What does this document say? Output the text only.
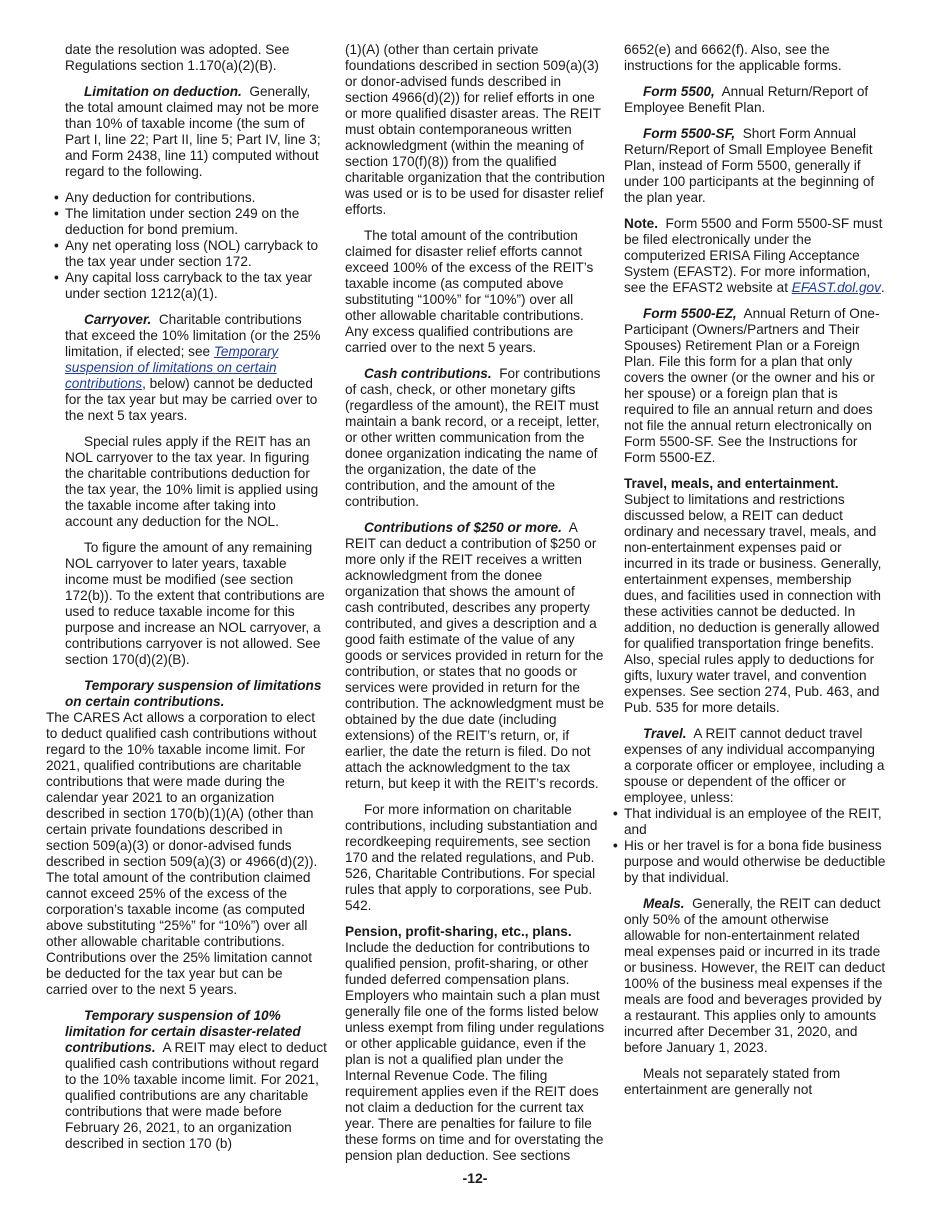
date the resolution was adopted. See Regulations section 1.170(a)(2)(B).

Limitation on deduction. Generally, the total amount claimed may not be more than 10% of taxable income (the sum of Part I, line 22; Part II, line 5; Part IV, line 3; and Form 2438, line 11) computed without regard to the following.

• Any deduction for contributions.
• The limitation under section 249 on the deduction for bond premium.
• Any net operating loss (NOL) carryback to the tax year under section 172.
• Any capital loss carryback to the tax year under section 1212(a)(1).

Carryover. Charitable contributions that exceed the 10% limitation (or the 25% limitation, if elected; see Temporary suspension of limitations on certain contributions, below) cannot be deducted for the tax year but may be carried over to the next 5 tax years.

Special rules apply if the REIT has an NOL carryover to the tax year. In figuring the charitable contributions deduction for the tax year, the 10% limit is applied using the taxable income after taking into account any deduction for the NOL.

To figure the amount of any remaining NOL carryover to later years, taxable income must be modified (see section 172(b)). To the extent that contributions are used to reduce taxable income for this purpose and increase an NOL carryover, a contributions carryover is not allowed. See section 170(d)(2)(B).

Temporary suspension of limitations on certain contributions.
The CARES Act allows a corporation to elect to deduct qualified cash contributions without regard to the 10% taxable income limit. For 2021, qualified contributions are charitable contributions that were made during the calendar year 2021 to an organization described in section 170(b)(1)(A) (other than certain private foundations described in section 509(a)(3) or donor-advised funds described in section 509(a)(3) or 4966(d)(2)). The total amount of the contribution claimed cannot exceed 25% of the excess of the corporation’s taxable income (as computed above substituting “25%” for “10%”) over all other allowable charitable contributions. Contributions over the 25% limitation cannot be deducted for the tax year but can be carried over to the next 5 years.

Temporary suspension of 10% limitation for certain disaster-related contributions. A REIT may elect to deduct qualified cash contributions without regard to the 10% taxable income limit. For 2021, qualified contributions are any charitable contributions that were made before February 26, 2021, to an organization described in section 170 (b)

(1)(A) (other than certain private foundations described in section 509(a)(3) or donor-advised funds described in section 4966(d)(2)) for relief efforts in one or more qualified disaster areas. The REIT must obtain contemporaneous written acknowledgment (within the meaning of section 170(f)(8)) from the qualified charitable organization that the contribution was used or is to be used for disaster relief efforts.

The total amount of the contribution claimed for disaster relief efforts cannot exceed 100% of the excess of the REIT’s taxable income (as computed above substituting “100%” for “10%”) over all other allowable charitable contributions. Any excess qualified contributions are carried over to the next 5 years.

Cash contributions. For contributions of cash, check, or other monetary gifts (regardless of the amount), the REIT must maintain a bank record, or a receipt, letter, or other written communication from the donee organization indicating the name of the organization, the date of the contribution, and the amount of the contribution.

Contributions of $250 or more. A REIT can deduct a contribution of $250 or more only if the REIT receives a written acknowledgment from the donee organization that shows the amount of cash contributed, describes any property contributed, and gives a description and a good faith estimate of the value of any goods or services provided in return for the contribution, or states that no goods or services were provided in return for the contribution. The acknowledgment must be obtained by the due date (including extensions) of the REIT’s return, or, if earlier, the date the return is filed. Do not attach the acknowledgment to the tax return, but keep it with the REIT’s records.

For more information on charitable contributions, including substantiation and recordkeeping requirements, see section 170 and the related regulations, and Pub. 526, Charitable Contributions. For special rules that apply to corporations, see Pub. 542.

Pension, profit-sharing, etc., plans.
Include the deduction for contributions to qualified pension, profit-sharing, or other funded deferred compensation plans. Employers who maintain such a plan must generally file one of the forms listed below unless exempt from filing under regulations or other applicable guidance, even if the plan is not a qualified plan under the Internal Revenue Code. The filing requirement applies even if the REIT does not claim a deduction for the current tax year. There are penalties for failure to file these forms on time and for overstating the pension plan deduction. See sections

6652(e) and 6662(f). Also, see the instructions for the applicable forms.

Form 5500, Annual Return/Report of Employee Benefit Plan.

Form 5500-SF, Short Form Annual Return/Report of Small Employee Benefit Plan, instead of Form 5500, generally if under 100 participants at the beginning of the plan year.

Note. Form 5500 and Form 5500-SF must be filed electronically under the computerized ERISA Filing Acceptance System (EFAST2). For more information, see the EFAST2 website at EFAST.dol.gov.

Form 5500-EZ, Annual Return of One-Participant (Owners/Partners and Their Spouses) Retirement Plan or a Foreign Plan. File this form for a plan that only covers the owner (or the owner and his or her spouse) or a foreign plan that is required to file an annual return and does not file the annual return electronically on Form 5500-SF. See the Instructions for Form 5500-EZ.

Travel, meals, and entertainment.
Subject to limitations and restrictions discussed below, a REIT can deduct ordinary and necessary travel, meals, and non-entertainment expenses paid or incurred in its trade or business. Generally, entertainment expenses, membership dues, and facilities used in connection with these activities cannot be deducted. In addition, no deduction is generally allowed for qualified transportation fringe benefits. Also, special rules apply to deductions for gifts, luxury water travel, and convention expenses. See section 274, Pub. 463, and Pub. 535 for more details.

Travel. A REIT cannot deduct travel expenses of any individual accompanying a corporate officer or employee, including a spouse or dependent of the officer or employee, unless:

• That individual is an employee of the REIT, and
• His or her travel is for a bona fide business purpose and would otherwise be deductible by that individual.

Meals. Generally, the REIT can deduct only 50% of the amount otherwise allowable for non-entertainment related meal expenses paid or incurred in its trade or business. However, the REIT can deduct 100% of the business meal expenses if the meals are food and beverages provided by a restaurant. This applies only to amounts incurred after December 31, 2020, and before January 1, 2023.

Meals not separately stated from entertainment are generally not

-12-
